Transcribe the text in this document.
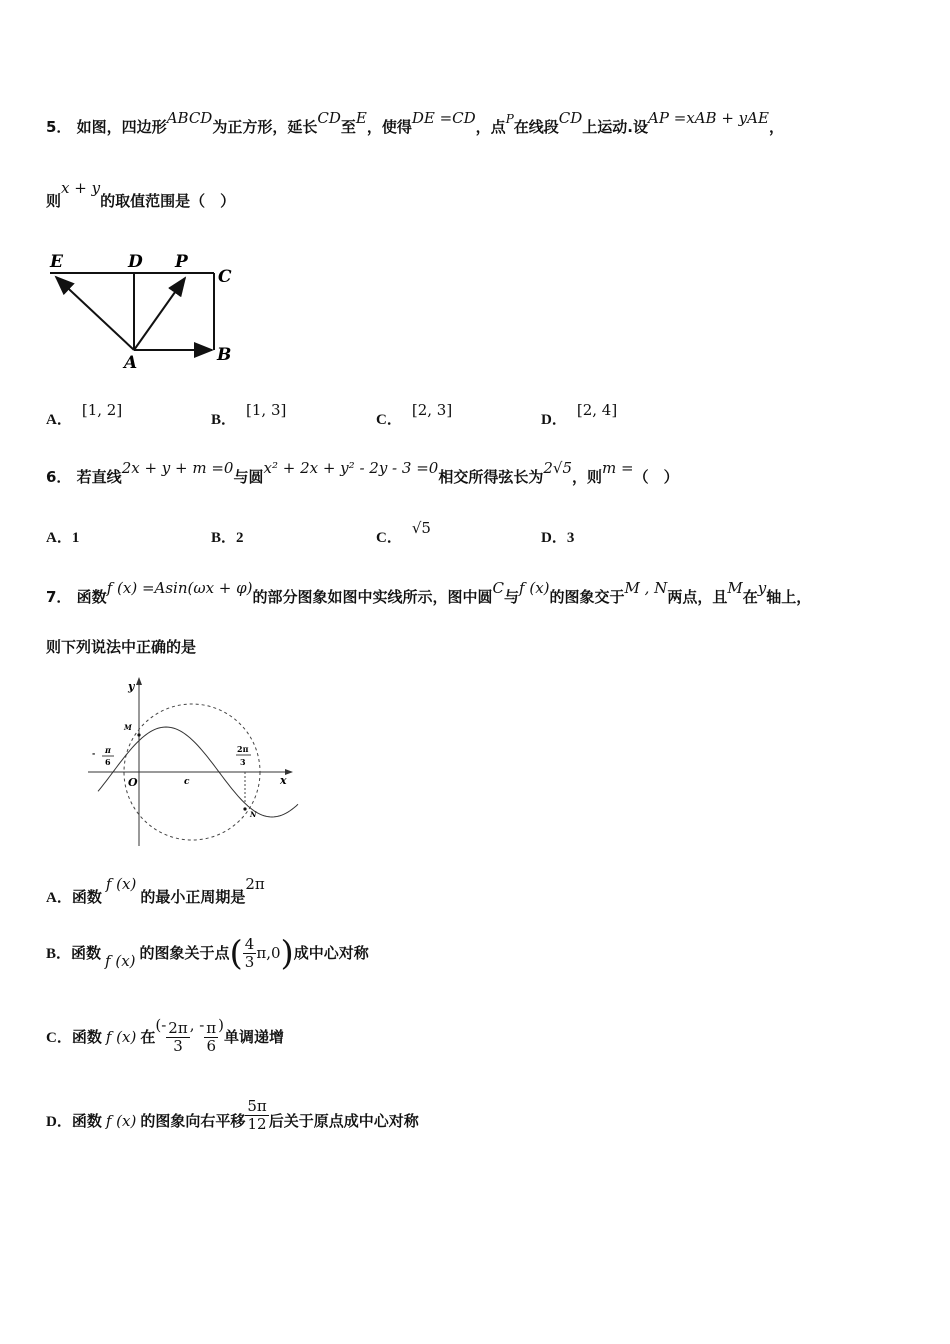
5． 如图，四边形ABCD为正方形，延长CD至E，使得DE =CD，点$^P$在线段CD上运动.设AP =xAB + yAE，
则x + y的取值范围是（　）
E	D P
C
A	B
A．[1, 2]
B．[1, 3]
C．[2, 3]
D．[2, 4]
6． 若直线2x + y + m =0与圆x² + 2x + y² - 2y - 3 =0相交所得弦长为2√5，则m =（　）
A．1	B．2	C．√5
D．3
7． 函数f (x) =Asin(ωx + φ)的部分图象如图中实线所示，图中圆C与f (x)的图象交于M , N两点，且M在y轴上，
则下列说法中正确的是
y
x
O
M
N
c
- π
6
2π
3
A．函数f (x)的最小正周期是2π
B．函数 f (x) 的图象关于点( $\frac{4}{3} \pi,0$)成中心对称
C．函数 f (x) 在(- $\frac{2\pi}{3}$ , - $\frac{\pi}{6}$ )单调递增
D．函数 f (x) 的图象向右平移 $\frac{5\pi}{12}$ 后关于原点成中心对称
